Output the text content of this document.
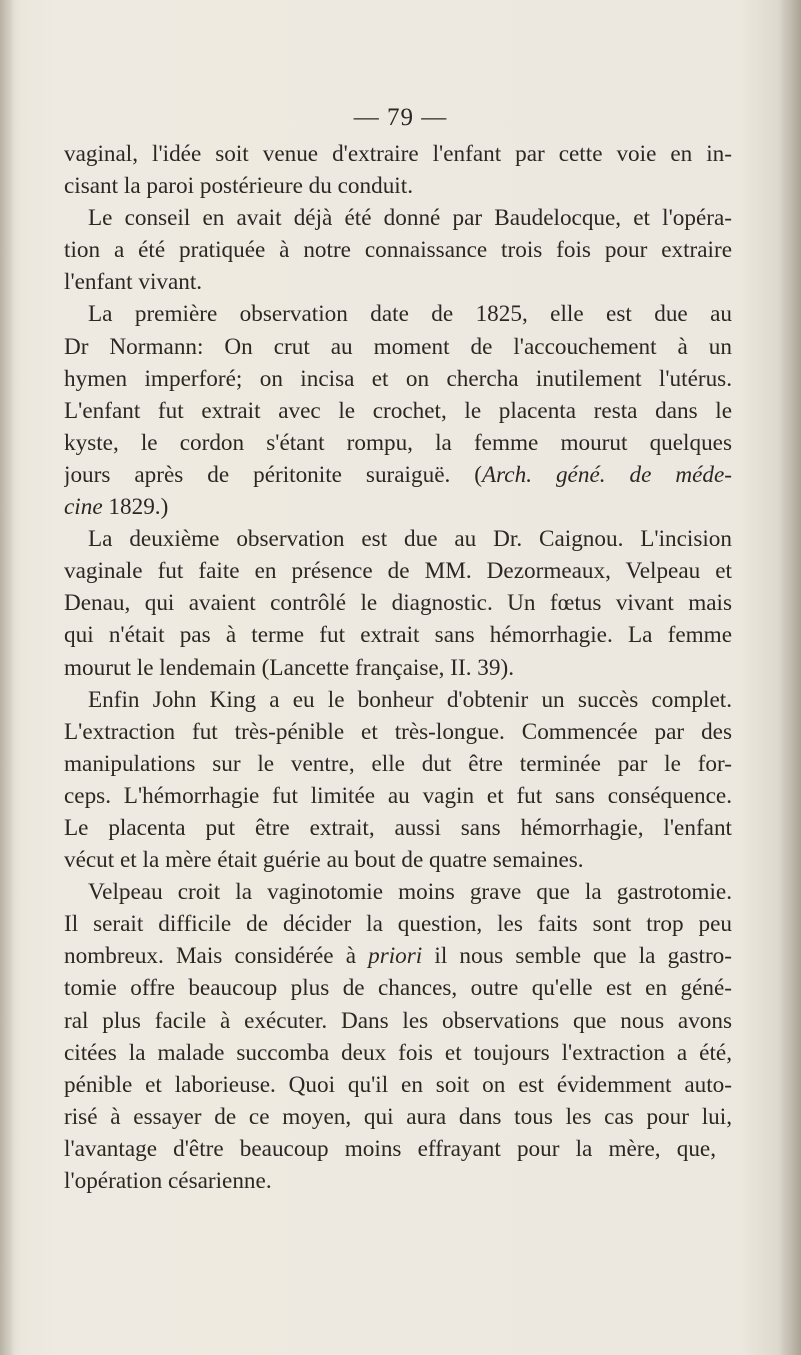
— 79 —
vaginal, l'idée soit venue d'extraire l'enfant par cette voie en in-
cisant la paroi postérieure du conduit.
Le conseil en avait déjà été donné par Baudelocque, et l'opéra-
tion a été pratiquée à notre connaissance trois fois pour extraire
l'enfant vivant.
La première observation date de 1825, elle est due au
Dr Normann: On crut au moment de l'accouchement à un
hymen imperforé; on incisa et on chercha inutilement l'utérus.
L'enfant fut extrait avec le crochet, le placenta resta dans le
kyste, le cordon s'étant rompu, la femme mourut quelques
jours après de péritonite suraiguë. (Arch. géné. de méde-
cine 1829.)
La deuxième observation est due au Dr. Caignou. L'incision
vaginale fut faite en présence de MM. Dezormeaux, Velpeau et
Denau, qui avaient contrôlé le diagnostic. Un fœtus vivant mais
qui n'était pas à terme fut extrait sans hémorrhagie. La femme
mourut le lendemain (Lancette française, II. 39).
Enfin John King a eu le bonheur d'obtenir un succès complet.
L'extraction fut très-pénible et très-longue. Commencée par des
manipulations sur le ventre, elle dut être terminée par le for-
ceps. L'hémorrhagie fut limitée au vagin et fut sans conséquence.
Le placenta put être extrait, aussi sans hémorrhagie, l'enfant
vécut et la mère était guérie au bout de quatre semaines.
Velpeau croit la vaginotomie moins grave que la gastrotomie.
Il serait difficile de décider la question, les faits sont trop peu
nombreux. Mais considérée à priori il nous semble que la gastro-
tomie offre beaucoup plus de chances, outre qu'elle est en géné-
ral plus facile à exécuter. Dans les observations que nous avons
citées la malade succomba deux fois et toujours l'extraction a été,
pénible et laborieuse. Quoi qu'il en soit on est évidemment auto-
risé à essayer de ce moyen, qui aura dans tous les cas pour lui,
l'avantage d'être beaucoup moins effrayant pour la mère, que,
l'opération césarienne.
